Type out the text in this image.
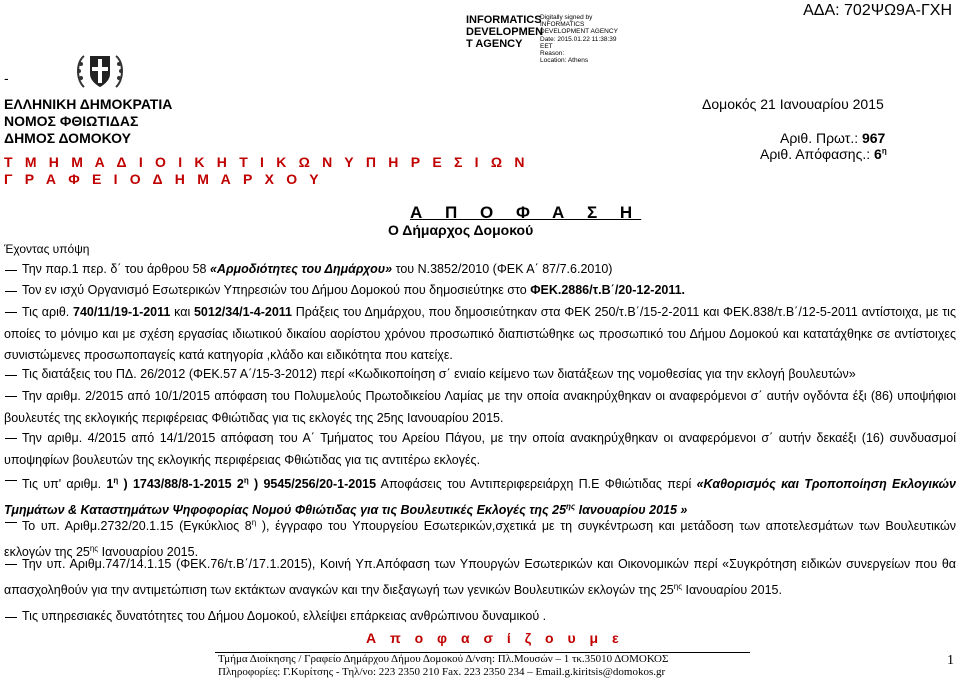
ΑΔΑ: 702ΨΩ9Α-ΓΧΗ
INFORMATICS DEVELOPMEN T AGENCY
Digitally signed by
INFORMATICS
DEVELOPMENT AGENCY
Date: 2015.01.22 11:38:39
EET
Reason:
Location: Athens
-
ΕΛΛΗΝΙΚΗ ΔΗΜΟΚΡΑΤΙΑ
ΝΟΜΟΣ ΦΘΙΩΤΙΔΑΣ
ΔΗΜΟΣ ΔΟΜΟΚΟΥ
Τ Μ Η Μ Α Δ Ι Ο Ι Κ Η Τ Ι Κ Ω Ν Υ Π Η Ρ Ε Σ Ι Ω Ν
Γ Ρ Α Φ Ε Ι Ο Δ Η Μ Α Ρ Χ Ο Υ
Δομοκός 21 Ιανουαρίου 2015
Αριθ. Πρωτ.: 967
Αριθ. Απόφασης.: $6^\eta$
Α Π Ο Φ Α Σ Η
Ο Δήμαρχος Δομοκού
Έχοντας υπόψη
Την παρ.1 περ. δ΄ του άρθρου 58 «Αρμοδιότητες του Δημάρχου» του Ν.3852/2010 (ΦΕΚ Α΄ 87/7.6.2010)
Τον εν ισχύ Οργανισμό Εσωτερικών Υπηρεσιών του Δήμου Δομοκού που δημοσιεύτηκε στο ΦΕΚ.2886/τ.Β΄/20-12-2011.
Τις αριθ. 740/11/19-1-2011 και 5012/34/1-4-2011 Πράξεις του Δημάρχου, που δημοσιεύτηκαν στα ΦΕΚ 250/τ.Β΄/15-2-2011 και ΦΕΚ.838/τ.Β΄/12-5-2011 αντίστοιχα, με τις οποίες το μόνιμο και με σχέση εργασίας ιδιωτικού δικαίου αορίστου χρόνου προσωπικό διαπιστώθηκε ως προσωπικό του Δήμου Δομοκού και κατατάχθηκε σε αντίστοιχες συνιστώμενες προσωποπαγείς κατά κατηγορία ,κλάδο και ειδικότητα που κατείχε.
Τις διατάξεις του ΠΔ. 26/2012 (ΦΕΚ.57 Α΄/15-3-2012) περί «Κωδικοποίηση σ΄ ενιαίο κείμενο των διατάξεων της νομοθεσίας για την εκλογή βουλευτών»
Την αριθμ. 2/2015 από 10/1/2015 απόφαση του Πολυμελούς Πρωτοδικείου Λαμίας με την οποία ανακηρύχθηκαν οι αναφερόμενοι σ΄ αυτήν ογδόντα έξι (86) υποψήφιοι βουλευτές της εκλογικής περιφέρειας Φθιώτιδας για τις εκλογές της 25ης Ιανουαρίου 2015.
Την αριθμ. 4/2015 από 14/1/2015 απόφαση του Α΄ Τμήματος του Αρείου Πάγου, με την οποία ανακηρύχθηκαν οι αναφερόμενοι σ΄ αυτήν δεκαέξι (16) συνδυασμοί υποψηφίων βουλευτών της εκλογικής περιφέρειας Φθιώτιδας για τις αντιτέρω εκλογές.
Τις υπ' αριθμ. $1^\eta$ ) 1743/88/8-1-2015 $2^\eta$ ) 9545/256/20-1-2015 Αποφάσεις του Αντιπεριφερειάρχη Π.Ε Φθιώτιδας περί «Καθορισμός και Τροποποίηση Εκλογικών Τμημάτων & Καταστημάτων Ψηφοφορίας Νομού Φθιώτιδας για τις Βουλευτικές Εκλογές της $25^{\eta\varsigma}$ Ιανουαρίου 2015 »
Το υπ. Αριθμ.2732/20.1.15 (Εγκύκλιος $8^\eta$ ), έγγραφο του Υπουργείου Εσωτερικών,σχετικά με τη συγκέντρωση και μετάδοση των αποτελεσμάτων των Βουλευτικών εκλογών της $25^{\eta\varsigma}$ Ιανουαρίου 2015.
Την υπ. Αριθμ.747/14.1.15 (ΦΕΚ.76/τ.Β΄/17.1.2015), Κοινή Υπ.Απόφαση των Υπουργών Εσωτερικών και Οικονομικών περί «Συγκρότηση ειδικών συνεργείων που θα απασχοληθούν για την αντιμετώπιση των εκτάκτων αναγκών και την διεξαγωγή των γενικών Βουλευτικών εκλογών της $25^{\eta\varsigma}$ Ιανουαρίου 2015.
Τις υπηρεσιακές δυνατότητες του Δήμου Δομοκού, ελλείψει επάρκειας ανθρώπινου δυναμικού .
Α π ο φ α σ ί ζ ο υ μ ε
Τμήμα Διοίκησης / Γραφείο Δημάρχου Δήμου Δομοκού Δ/νση: Πλ.Μουσών – 1 τκ.35010 ΔΟΜΟΚΟΣ
Πληροφορίες: Γ.Κυρίτσης - Τηλ/νο: 223 2350 210 Fax. 223 2350 234 – Email.g.kiritsis@domokos.gr
1
